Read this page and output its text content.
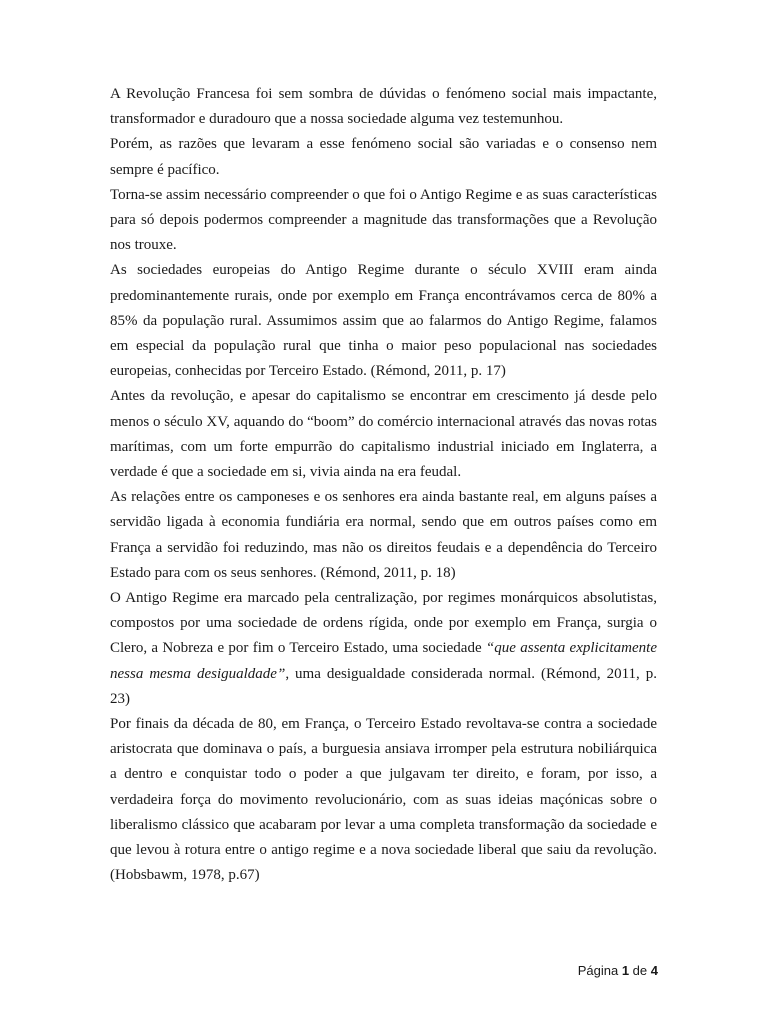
A Revolução Francesa foi sem sombra de dúvidas o fenómeno social mais impactante, transformador e duradouro que a nossa sociedade alguma vez testemunhou.

Porém, as razões que levaram a esse fenómeno social são variadas e o consenso nem sempre é pacífico.

Torna-se assim necessário compreender o que foi o Antigo Regime e as suas características para só depois podermos compreender a magnitude das transformações que a Revolução nos trouxe.

As sociedades europeias do Antigo Regime durante o século XVIII eram ainda predominantemente rurais, onde por exemplo em França encontrávamos cerca de 80% a 85% da população rural. Assumimos assim que ao falarmos do Antigo Regime, falamos em especial da população rural que tinha o maior peso populacional nas sociedades europeias, conhecidas por Terceiro Estado. (Rémond, 2011, p. 17)

Antes da revolução, e apesar do capitalismo se encontrar em crescimento já desde pelo menos o século XV, aquando do “boom” do comércio internacional através das novas rotas marítimas, com um forte empurrão do capitalismo industrial iniciado em Inglaterra, a verdade é que a sociedade em si, vivia ainda na era feudal.

As relações entre os camponeses e os senhores era ainda bastante real, em alguns países a servidão ligada à economia fundiária era normal, sendo que em outros países como em França a servidão foi reduzindo, mas não os direitos feudais e a dependência do Terceiro Estado para com os seus senhores. (Rémond, 2011, p. 18)

O Antigo Regime era marcado pela centralização, por regimes monárquicos absolutistas, compostos por uma sociedade de ordens rígida, onde por exemplo em França, surgia o Clero, a Nobreza e por fim o Terceiro Estado, uma sociedade “que assenta explicitamente nessa mesma desigualdade”, uma desigualdade considerada normal. (Rémond, 2011, p. 23)

Por finais da década de 80, em França, o Terceiro Estado revoltava-se contra a sociedade aristocrata que dominava o país, a burguesia ansiava irromper pela estrutura nobiliárquica a dentro e conquistar todo o poder a que julgavam ter direito, e foram, por isso, a verdadeira força do movimento revolucionário, com as suas ideias maçónicas sobre o liberalismo clássico que acabaram por levar a uma completa transformação da sociedade e que levou à rotura entre o antigo regime e a nova sociedade liberal que saiu da revolução. (Hobsbawm, 1978, p.67)

Página 1 de 4
